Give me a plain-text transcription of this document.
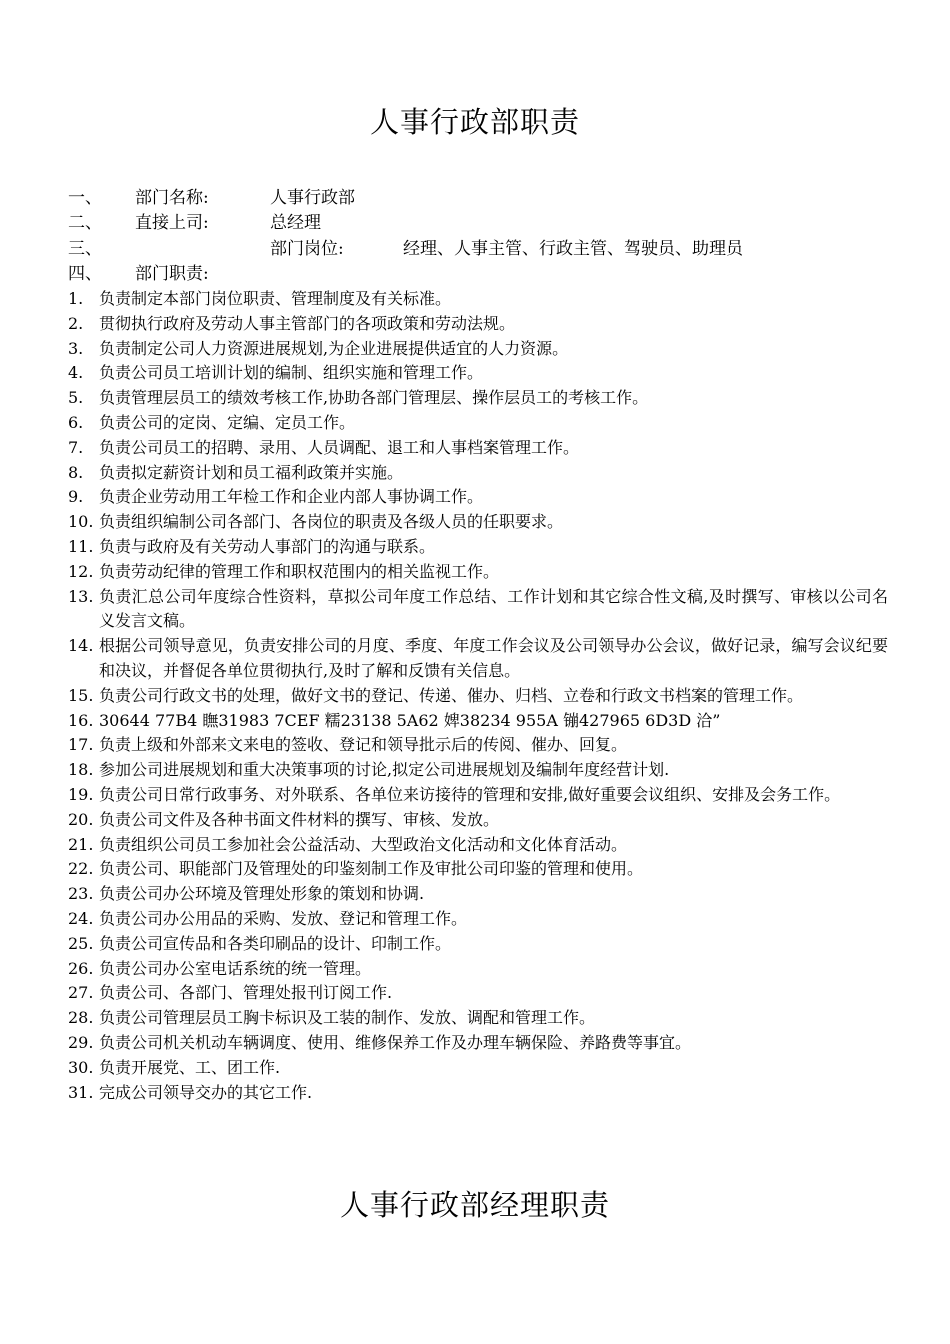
人事行政部职责
一、 部门名称:	人事行政部
二、 直接上司:	总经理
三、	部门岗位:	经理、人事主管、行政主管、驾驶员、助理员
四、 部门职责:
1. 负责制定本部门岗位职责、管理制度及有关标准。
2. 贯彻执行政府及劳动人事主管部门的各项政策和劳动法规。
3. 负责制定公司人力资源进展规划,为企业进展提供适宜的人力资源。
4. 负责公司员工培训计划的编制、组织实施和管理工作。
5. 负责管理层员工的绩效考核工作,协助各部门管理层、操作层员工的考核工作。
6. 负责公司的定岗、定编、定员工作。
7. 负责公司员工的招聘、录用、人员调配、退工和人事档案管理工作。
8. 负责拟定薪资计划和员工福利政策并实施。
9. 负责企业劳动用工年检工作和企业内部人事协调工作。
10. 负责组织编制公司各部门、各岗位的职责及各级人员的任职要求。
11. 负责与政府及有关劳动人事部门的沟通与联系。
12. 负责劳动纪律的管理工作和职权范围内的相关监视工作。
13. 负责汇总公司年度综合性资料，草拟公司年度工作总结、工作计划和其它综合性文稿,及时撰写、审核以公司名义发言文稿。
14. 根据公司领导意见，负责安排公司的月度、季度、年度工作会议及公司领导办公会议，做好记录，编写会议纪要和决议，并督促各单位贯彻执行,及时了解和反馈有关信息。
15. 负责公司行政文书的处理，做好文书的登记、传递、催办、归档、立卷和行政文书档案的管理工作。
16. 30644 77B4 瞴31983 7CEF 糯23138 5A62 婢38234 955A 镚427965 6D3D 洽”
17. 负责上级和外部来文来电的签收、登记和领导批示后的传阅、催办、回复。
18. 参加公司进展规划和重大决策事项的讨论,拟定公司进展规划及编制年度经营计划.
19. 负责公司日常行政事务、对外联系、各单位来访接待的管理和安排,做好重要会议组织、安排及会务工作。
20. 负责公司文件及各种书面文件材料的撰写、审核、发放。
21. 负责组织公司员工参加社会公益活动、大型政治文化活动和文化体育活动。
22. 负责公司、职能部门及管理处的印鉴刻制工作及审批公司印鉴的管理和使用。
23. 负责公司办公环境及管理处形象的策划和协调.
24. 负责公司办公用品的采购、发放、登记和管理工作。
25. 负责公司宣传品和各类印刷品的设计、印制工作。
26. 负责公司办公室电话系统的统一管理。
27. 负责公司、各部门、管理处报刊订阅工作.
28. 负责公司管理层员工胸卡标识及工装的制作、发放、调配和管理工作。
29. 负责公司机关机动车辆调度、使用、维修保养工作及办理车辆保险、养路费等事宜。
30. 负责开展党、工、团工作.
31. 完成公司领导交办的其它工作.
人事行政部经理职责
